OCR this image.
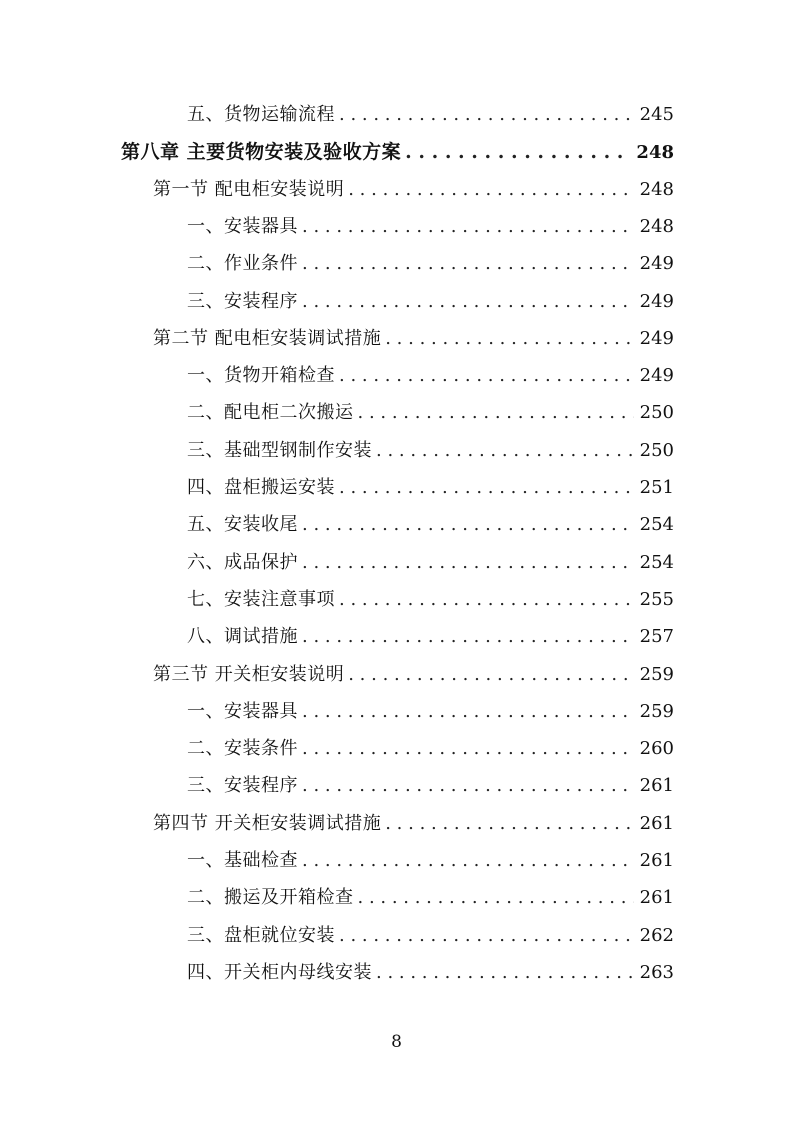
五、货物运输流程 . . .	245
第八章 主要货物安装及验收方案 . . .	248
第一节 配电柜安装说明 . . .	248
一、安装器具 . . .	248
二、作业条件 . . .	249
三、安装程序 . . .	249
第二节 配电柜安装调试措施 . . .	249
一、货物开箱检查 . . .	249
二、配电柜二次搬运 . . .	250
三、基础型钢制作安装 . . .	250
四、盘柜搬运安装 . . .	251
五、安装收尾 . . .	254
六、成品保护 . . .	254
七、安装注意事项 . . .	255
八、调试措施 . . .	257
第三节 开关柜安装说明 . . .	259
一、安装器具 . . .	259
二、安装条件 . . .	260
三、安装程序 . . .	261
第四节 开关柜安装调试措施 . . .	261
一、基础检查 . . .	261
二、搬运及开箱检查 . . .	261
三、盘柜就位安装 . . .	262
四、开关柜内母线安装 . . .	263
8
